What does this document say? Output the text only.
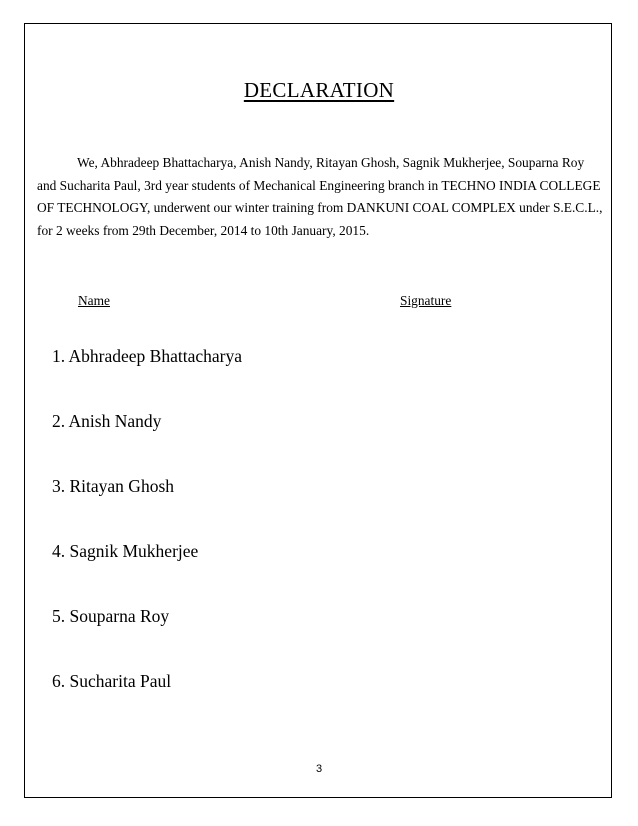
DECLARATION

We, Abhradeep Bhattacharya, Anish Nandy, Ritayan Ghosh, Sagnik Mukherjee, Souparna Roy and Sucharita Paul, 3rd year students of Mechanical Engineering branch in TECHNO INDIA COLLEGE OF TECHNOLOGY, underwent our winter training from DANKUNI COAL COMPLEX under S.E.C.L., for 2 weeks from 29th December, 2014 to 10th January, 2015.

Name	Signature
1. Abhradeep Bhattacharya
2. Anish Nandy
3. Ritayan Ghosh
4. Sagnik Mukherjee
5. Souparna Roy
6. Sucharita Paul
3
